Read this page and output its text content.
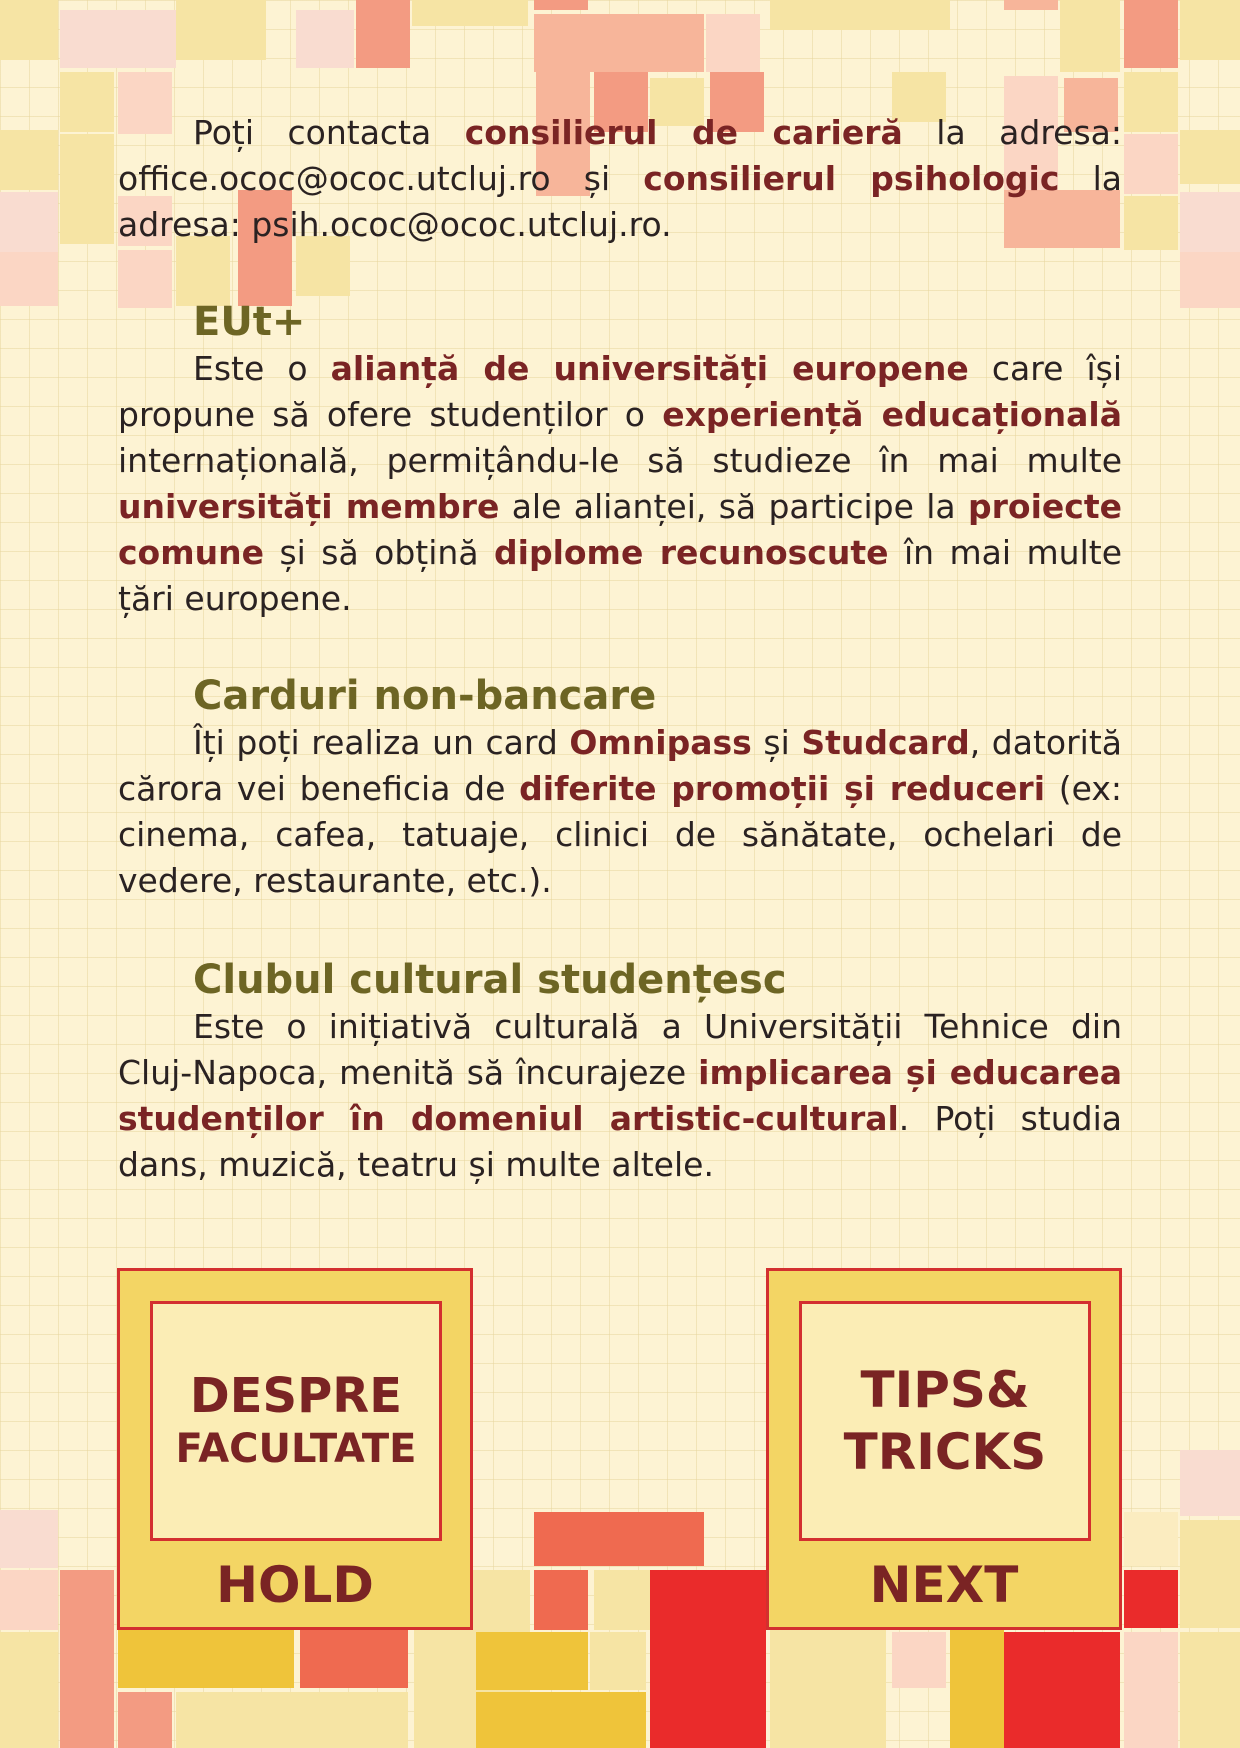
Poți contacta consilierul de carieră la adresa: office.ococ@ococ.utcluj.ro și consilierul psihologic la adresa: psih.ococ@ococ.utcluj.ro.

EUt+

Este o alianță de universități europene care își propune să ofere studenților o experiență educațională internațională, permițându-le să studieze în mai multe universități membre ale alianței, să participe la proiecte comune și să obțină diplome recunoscute în mai multe țări europene.

Carduri non-bancare

Îți poți realiza un card Omnipass și Studcard, datorită cărora vei beneficia de diferite promoții și reduceri (ex: cinema, cafea, tatuaje, clinici de sănătate, ochelari de vedere, restaurante, etc.).

Clubul cultural studențesc

Este o inițiativă culturală a Universității Tehnice din Cluj-Napoca, menită să încurajeze implicarea și educarea studenților în domeniul artistic-cultural. Poți studia dans, muzică, teatru și multe altele.

DESPRE
FACULTATE
HOLD
TIPS&
TRICKS
NEXT
